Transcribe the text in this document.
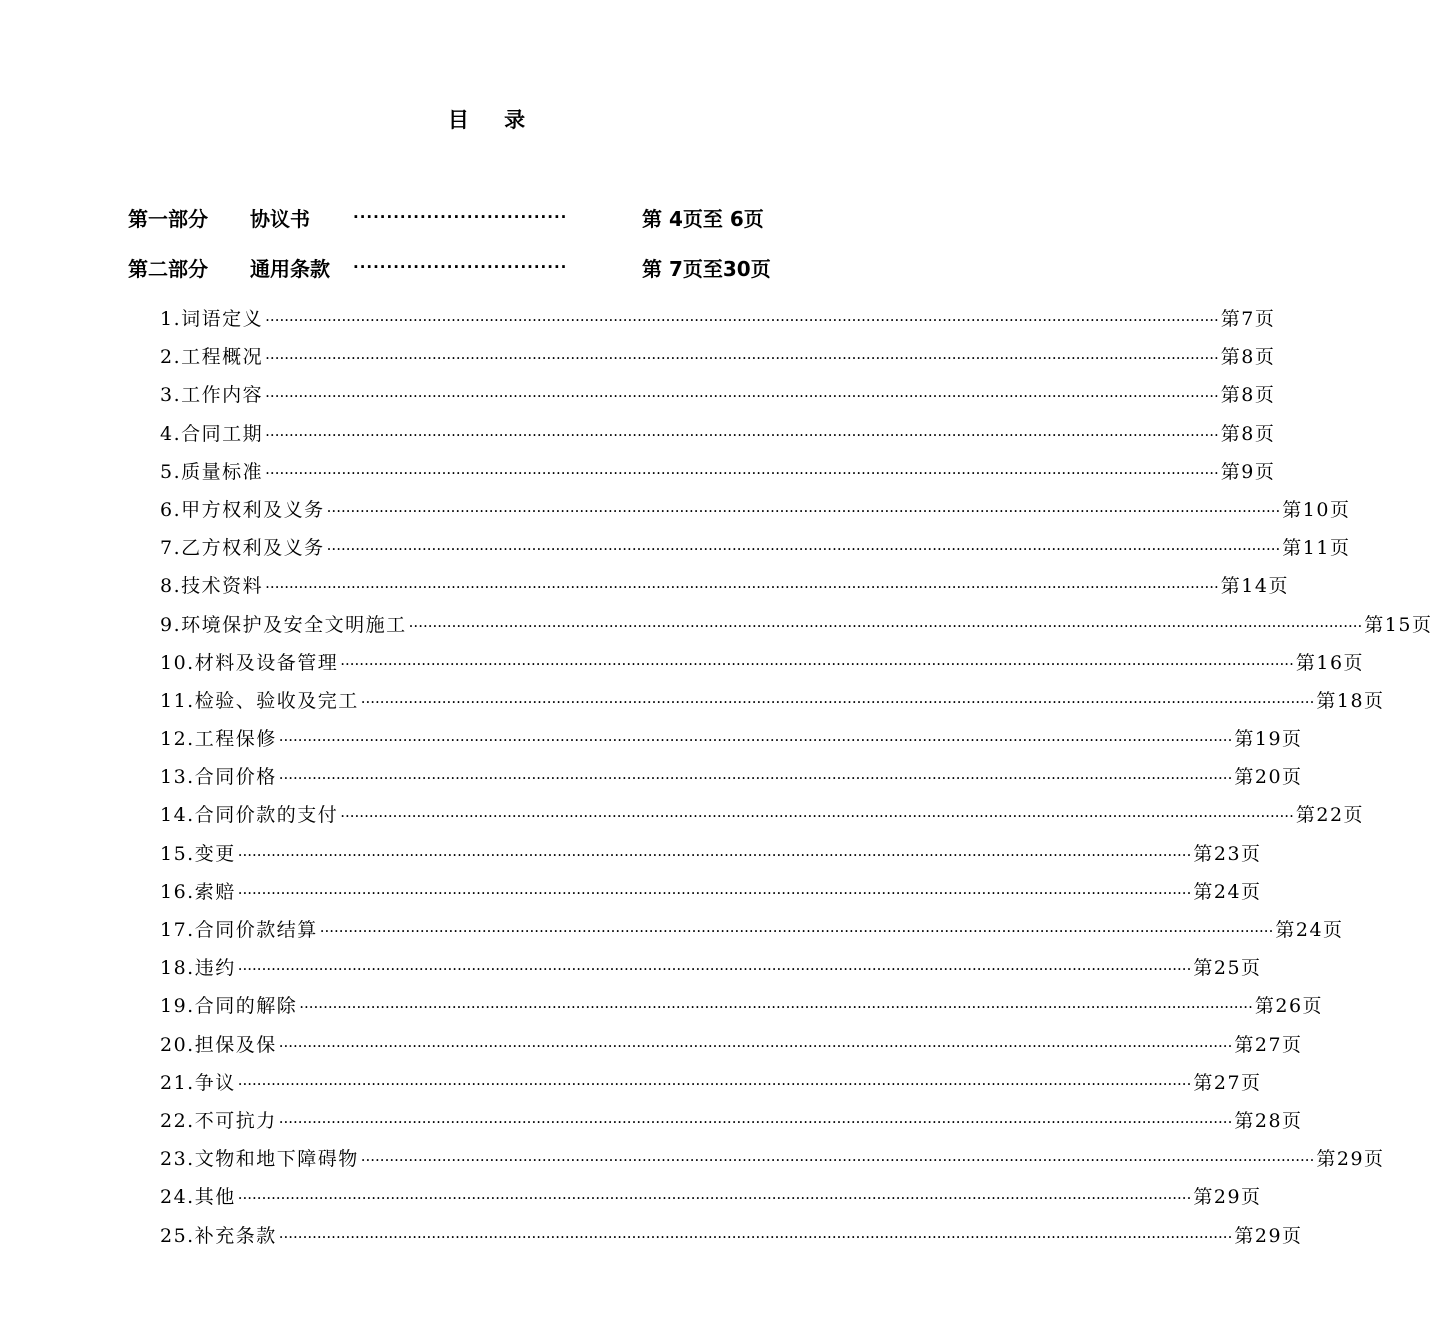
目 录
第一部分	协议书	································	第 4页至 6页
第二部分	通用条款	································	第 7页至30页
1. 词语定义 ········································································································································································································ 第7页
2. 工程概况 ········································································································································································································ 第8页
3. 工作内容 ········································································································································································································ 第8页
4. 合同工期 ········································································································································································································ 第8页
5. 质量标准 ········································································································································································································ 第9页
6. 甲方权利及义务 ········································································································································································································ 第10页
7. 乙方权利及义务 ········································································································································································································ 第11页
8. 技术资料 ········································································································································································································ 第14页
9. 环境保护及安全文明施工 ········································································································································································································ 第15页
10. 材料及设备管理 ········································································································································································································ 第16页
11. 检验、验收及完工 ········································································································································································································ 第18页
12. 工程保修 ········································································································································································································ 第19页
13. 合同价格 ········································································································································································································ 第20页
14. 合同价款的支付 ········································································································································································································ 第22页
15. 变更 ········································································································································································································ 第23页
16. 索赔 ········································································································································································································ 第24页
17. 合同价款结算 ········································································································································································································ 第24页
18. 违约 ········································································································································································································ 第25页
19. 合同的解除 ········································································································································································································ 第26页
20. 担保及保 ········································································································································································································ 第27页
21. 争议 ········································································································································································································ 第27页
22. 不可抗力 ········································································································································································································ 第28页
23. 文物和地下障碍物 ········································································································································································································ 第29页
24. 其他 ········································································································································································································ 第29页
25. 补充条款 ········································································································································································································ 第29页
